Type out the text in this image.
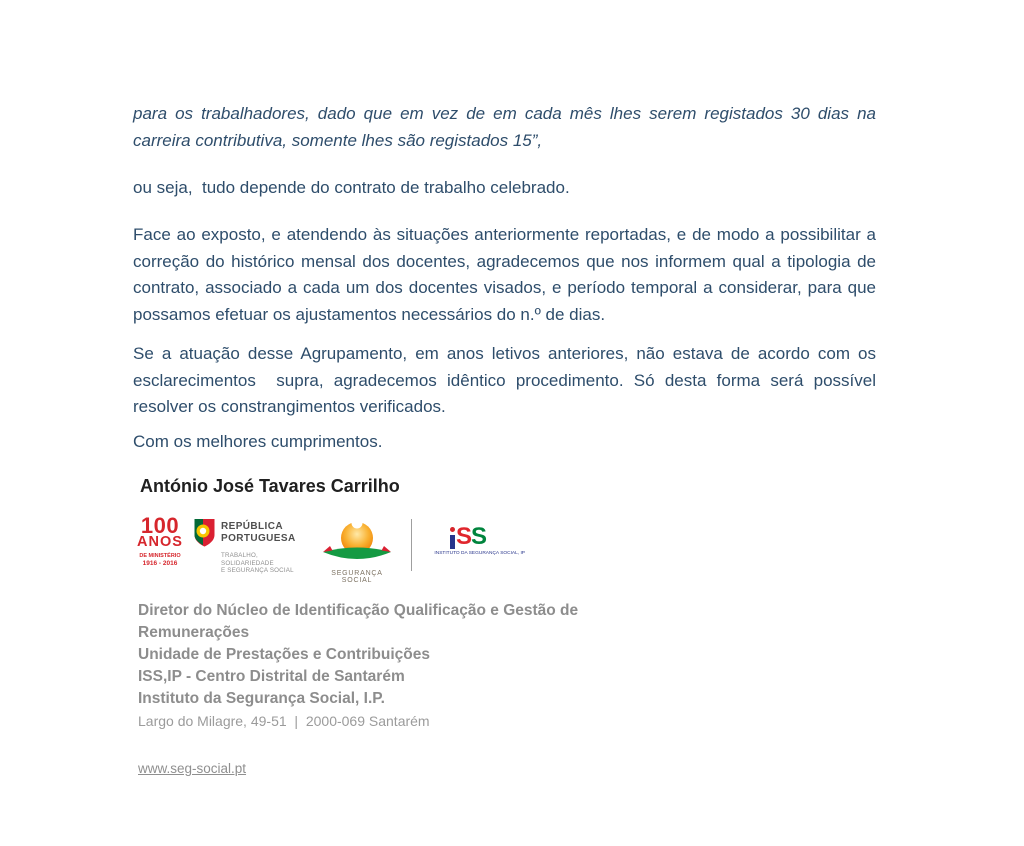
para os trabalhadores, dado que em vez de em cada mês lhes serem registados 30 dias na carreira contributiva, somente lhes são registados 15”,
ou seja,  tudo depende do contrato de trabalho celebrado.
Face ao exposto, e atendendo às situações anteriormente reportadas, e de modo a possibilitar a correção do histórico mensal dos docentes, agradecemos que nos informem qual a tipologia de contrato, associado a cada um dos docentes visados, e período temporal a considerar, para que possamos efetuar os ajustamentos necessários do n.º de dias.
Se a atuação desse Agrupamento, em anos letivos anteriores, não estava de acordo com os esclarecimentos  supra, agradecemos idêntico procedimento. Só desta forma será possível resolver os constrangimentos verificados.
Com os melhores cumprimentos.
António José Tavares Carrilho
100
ANOS
DE MINISTÉRIO
1916 - 2016
REPÚBLICA
PORTUGUESA
TRABALHO, SOLIDARIEDADE
E SEGURANÇA SOCIAL	SEGURANÇA SOCIAL
S S
INSTITUTO DA SEGURANÇA SOCIAL, IP
Diretor do Núcleo de Identificação Qualificação e Gestão de
Remunerações
Unidade de Prestações e Contribuições
ISS,IP - Centro Distrital de Santarém
Instituto da Segurança Social, I.P.
Largo do Milagre, 49-51  |  2000-069 Santarém
www.seg-social.pt
